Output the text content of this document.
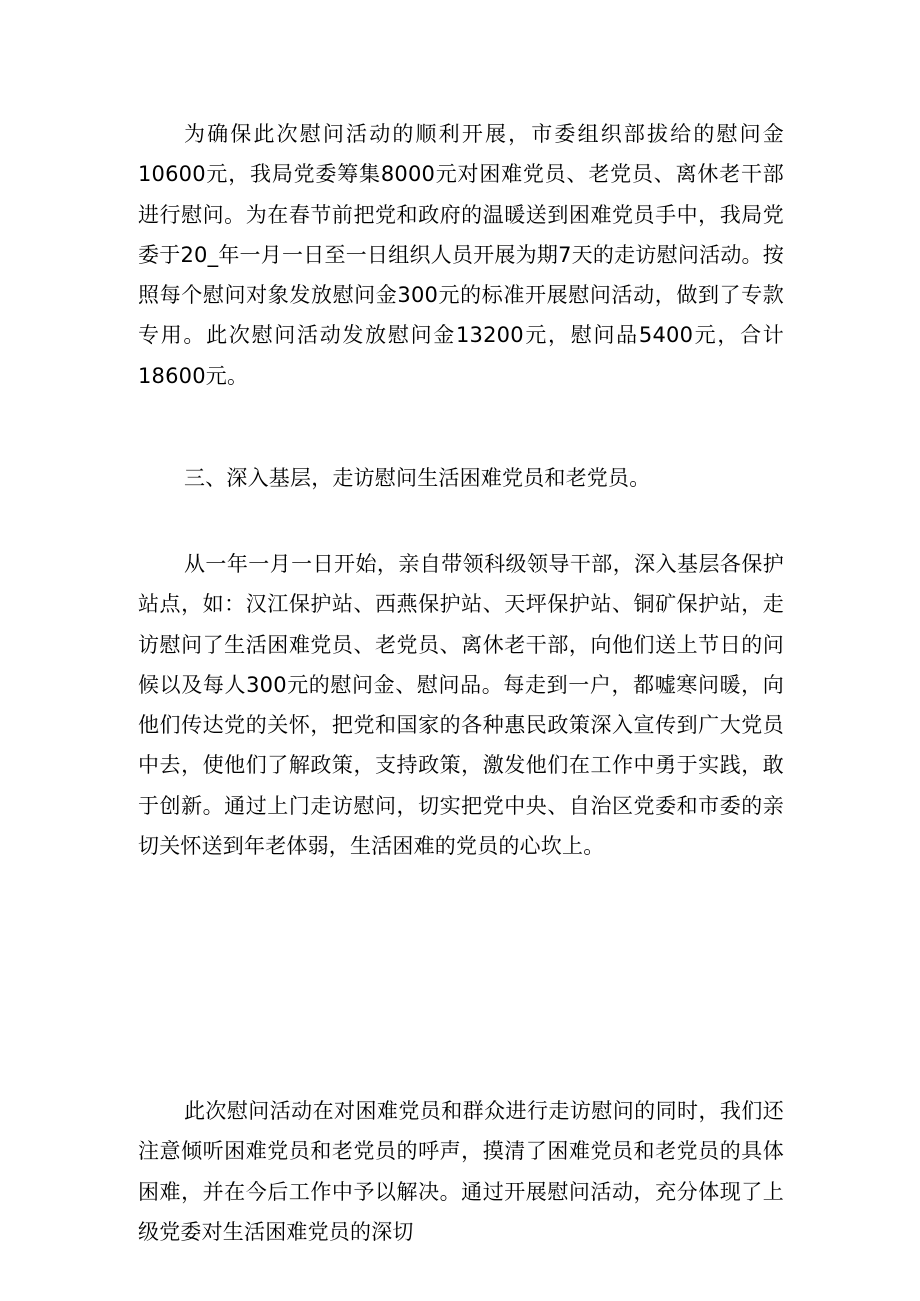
为确保此次慰问活动的顺利开展，市委组织部拔给的慰问金10600元，我局党委筹集8000元对困难党员、老党员、离休老干部进行慰问。为在春节前把党和政府的温暖送到困难党员手中，我局党委于20_年一月一日至一日组织人员开展为期7天的走访慰问活动。按照每个慰问对象发放慰问金300元的标准开展慰问活动，做到了专款专用。此次慰问活动发放慰问金13200元，慰问品5400元，合计18600元。

三、深入基层，走访慰问生活困难党员和老党员。

从一年一月一日开始，亲自带领科级领导干部，深入基层各保护站点，如：汉江保护站、西燕保护站、天坪保护站、铜矿保护站，走访慰问了生活困难党员、老党员、离休老干部，向他们送上节日的问候以及每人300元的慰问金、慰问品。每走到一户，都嘘寒问暖，向他们传达党的关怀，把党和国家的各种惠民政策深入宣传到广大党员中去，使他们了解政策，支持政策，激发他们在工作中勇于实践，敢于创新。通过上门走访慰问，切实把党中央、自治区党委和市委的亲切关怀送到年老体弱，生活困难的党员的心坎上。

此次慰问活动在对困难党员和群众进行走访慰问的同时，我们还注意倾听困难党员和老党员的呼声，摸清了困难党员和老党员的具体困难，并在今后工作中予以解决。通过开展慰问活动，充分体现了上级党委对生活困难党员的深切
